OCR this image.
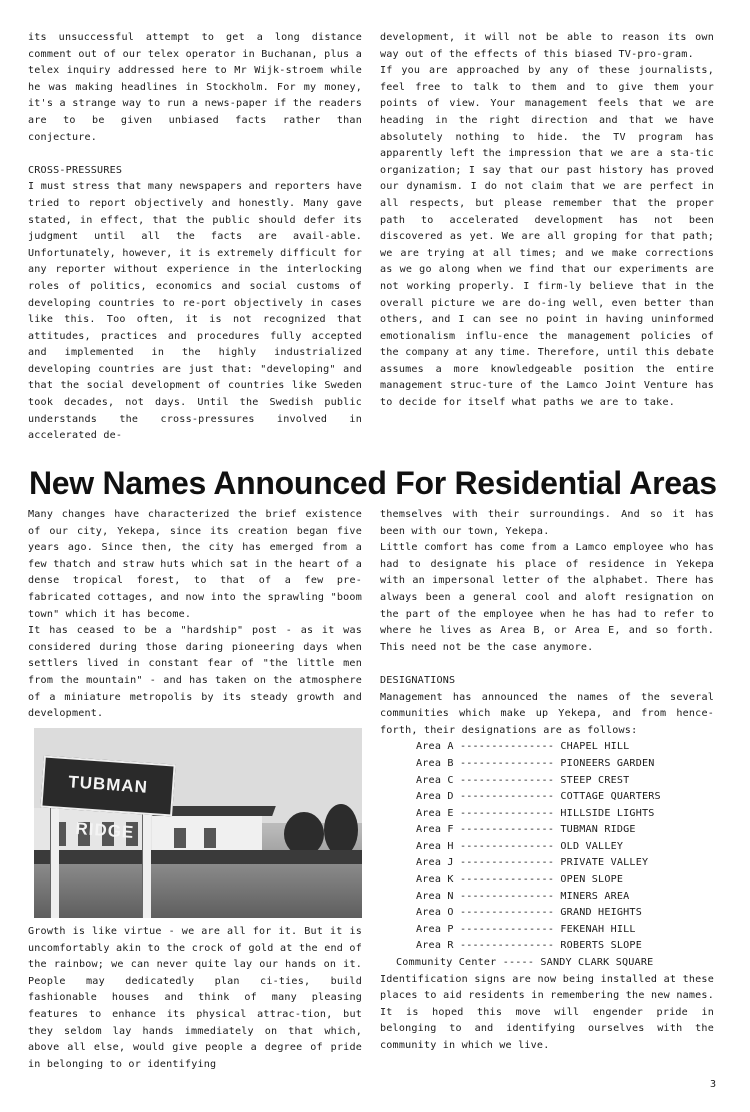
its unsuccessful attempt to get a long distance comment out of our telex operator in Buchanan, plus a telex inquiry addressed here to Mr Wijk-stroem while he was making headlines in Stockholm. For my money, it's a strange way to run a news-paper if the readers are to be given unbiased facts rather than conjecture.

CROSS-PRESSURES

I must stress that many newspapers and reporters have tried to report objectively and honestly. Many gave stated, in effect, that the public should defer its judgment until all the facts are avail-able. Unfortunately, however, it is extremely difficult for any reporter without experience in the interlocking roles of politics, economics and social customs of developing countries to re-port objectively in cases like this. Too often, it is not recognized that attitudes, practices and procedures fully accepted and implemented in the highly industrialized developing countries are just that: "developing" and that the social development of countries like Sweden took decades, not days. Until the Swedish public understands the cross-pressures involved in accelerated de-

development, it will not be able to reason its own way out of the effects of this biased TV-pro-gram.

If you are approached by any of these journalists, feel free to talk to them and to give them your points of view. Your management feels that we are heading in the right direction and that we have absolutely nothing to hide. the TV program has apparently left the impression that we are a sta-tic organization; I say that our past history has proved our dynamism. I do not claim that we are perfect in all respects, but please remember that the proper path to accelerated development has not been discovered as yet. We are all groping for that path; we are trying at all times; and we make corrections as we go along when we find that our experiments are not working properly. I firm-ly believe that in the overall picture we are do-ing well, even better than others, and I can see no point in having uninformed emotionalism influ-ence the management policies of the company at any time. Therefore, until this debate assumes a more knowledgeable position the entire management struc-ture of the Lamco Joint Venture has to decide for itself what paths we are to take.

New Names Announced For Residential Areas

Many changes have characterized the brief existence of our city, Yekepa, since its creation began five years ago. Since then, the city has emerged from a few thatch and straw huts which sat in the heart of a dense tropical forest, to that of a few pre-fabricated cottages, and now into the sprawling "boom town" which it has become.

It has ceased to be a "hardship" post - as it was considered during those daring pioneering days when settlers lived in constant fear of "the little men from the mountain" - and has taken on the atmosphere of a miniature metropolis by its steady growth and development.

TUBMAN RIDGE

Growth is like virtue - we are all for it. But it is uncomfortably akin to the crock of gold at the end of the rainbow; we can never quite lay our hands on it. People may dedicatedly plan ci-ties, build fashionable houses and think of many pleasing features to enhance its physical attrac-tion, but they seldom lay hands immediately on that which, above all else, would give people a degree of pride in belonging to or identifying

themselves with their surroundings. And so it has been with our town, Yekepa.

Little comfort has come from a Lamco employee who has had to designate his place of residence in Yekepa with an impersonal letter of the alphabet. There has always been a general cool and aloft resignation on the part of the employee when he has had to refer to where he lives as Area B, or Area E, and so forth. This need not be the case anymore.

DESIGNATIONS

Management has announced the names of the several communities which make up Yekepa, and from hence-forth, their designations are as follows:

Area A --------------- CHAPEL HILL
Area B --------------- PIONEERS GARDEN
Area C --------------- STEEP CREST
Area D --------------- COTTAGE QUARTERS
Area E --------------- HILLSIDE LIGHTS
Area F --------------- TUBMAN RIDGE
Area H --------------- OLD VALLEY
Area J --------------- PRIVATE VALLEY
Area K --------------- OPEN SLOPE
Area N --------------- MINERS AREA
Area O --------------- GRAND HEIGHTS
Area P --------------- FEKENAH HILL
Area R --------------- ROBERTS SLOPE
Community Center ----- SANDY CLARK SQUARE

Identification signs are now being installed at these places to aid residents in remembering the new names. It is hoped this move will engender pride in belonging to and identifying ourselves with the community in which we live.

3
